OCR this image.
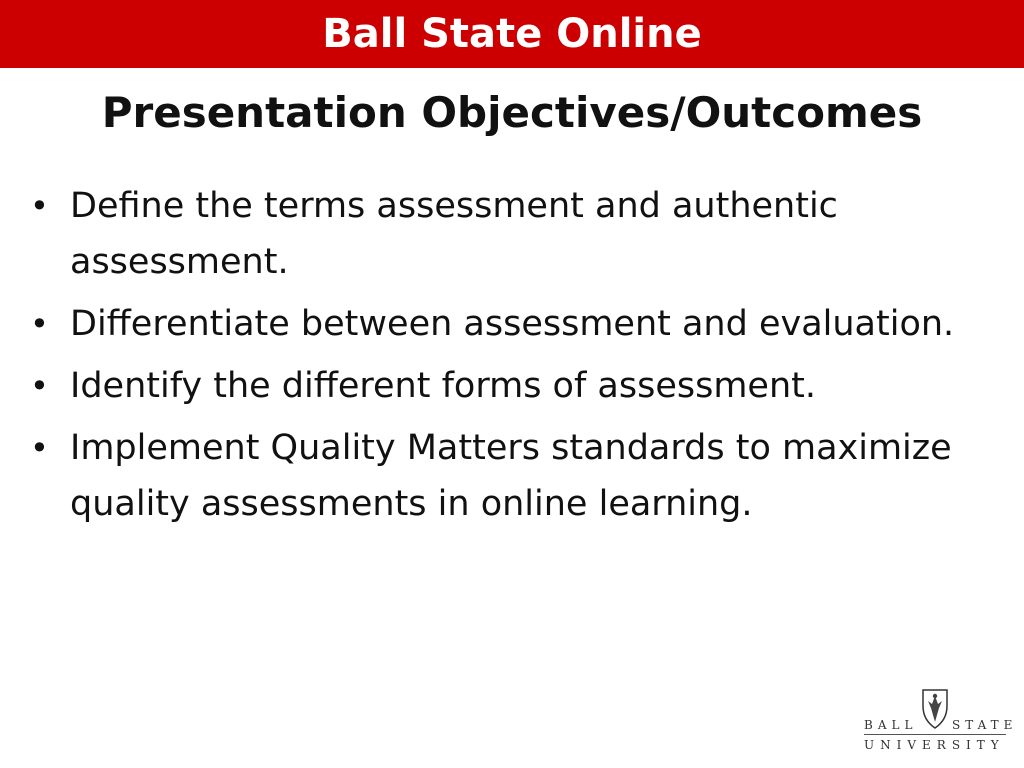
Ball State Online
Presentation Objectives/Outcomes
• Define the terms assessment and authentic assessment.
• Differentiate between assessment and evaluation.
• Identify the different forms of assessment.
• Implement Quality Matters standards to maximize quality assessments in online learning.
BALL	STATE
UNIVERSITY
